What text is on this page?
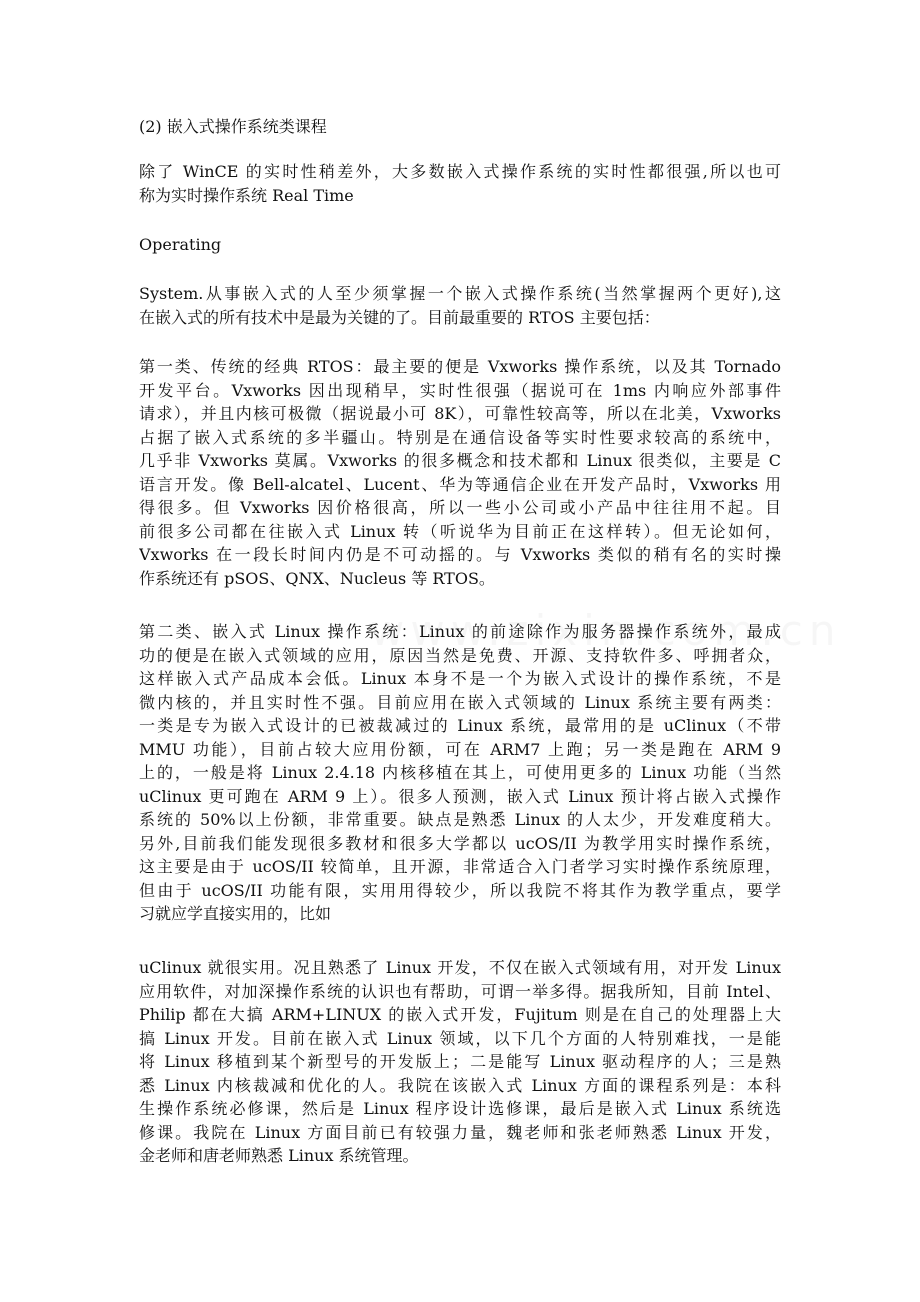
(2) 嵌入式操作系统类课程

除了 WinCE 的实时性稍差外，大多数嵌入式操作系统的实时性都很强,所以也可
称为实时操作系统 Real Time

Operating

System.从事嵌入式的人至少须掌握一个嵌入式操作系统(当然掌握两个更好),这
在嵌入式的所有技术中是最为关键的了。目前最重要的 RTOS 主要包括：

第一类、传统的经典 RTOS：最主要的便是 Vxworks 操作系统，以及其 Tornado
开发平台。Vxworks 因出现稍早，实时性很强（据说可在 1ms 内响应外部事件
请求），并且内核可极微（据说最小可 8K），可靠性较高等，所以在北美，Vxworks
占据了嵌入式系统的多半疆山。特别是在通信设备等实时性要求较高的系统中，
几乎非 Vxworks 莫属。Vxworks 的很多概念和技术都和 Linux 很类似，主要是 C
语言开发。像 Bell-alcatel、Lucent、华为等通信企业在开发产品时，Vxworks 用
得很多。但 Vxworks 因价格很高，所以一些小公司或小产品中往往用不起。目
前很多公司都在往嵌入式 Linux 转（听说华为目前正在这样转）。但无论如何，
Vxworks 在一段长时间内仍是不可动摇的。与 Vxworks 类似的稍有名的实时操
作系统还有 pSOS、QNX、Nucleus 等 RTOS。

第二类、嵌入式 Linux 操作系统：Linux 的前途除作为服务器操作系统外，最成
功的便是在嵌入式领域的应用，原因当然是免费、开源、支持软件多、呼拥者众，
这样嵌入式产品成本会低。Linux 本身不是一个为嵌入式设计的操作系统，不是
微内核的，并且实时性不强。目前应用在嵌入式领域的 Linux 系统主要有两类：
一类是专为嵌入式设计的已被裁减过的 Linux 系统，最常用的是 uClinux（不带
MMU 功能），目前占较大应用份额，可在 ARM7 上跑；另一类是跑在 ARM 9
上的，一般是将 Linux 2.4.18 内核移植在其上，可使用更多的 Linux 功能（当然
uClinux 更可跑在 ARM 9 上）。很多人预测，嵌入式 Linux 预计将占嵌入式操作
系统的 50%以上份额，非常重要。缺点是熟悉 Linux 的人太少，开发难度稍大。
另外,目前我们能发现很多教材和很多大学都以 ucOS/II 为教学用实时操作系统，
这主要是由于 ucOS/II 较简单，且开源，非常适合入门者学习实时操作系统原理，
但由于 ucOS/II 功能有限，实用用得较少，所以我院不将其作为教学重点，要学
习就应学直接实用的，比如

uClinux 就很实用。况且熟悉了 Linux 开发，不仅在嵌入式领域有用，对开发 Linux
应用软件，对加深操作系统的认识也有帮助，可谓一举多得。据我所知，目前 Intel、
Philip 都在大搞 ARM+LINUX 的嵌入式开发，Fujitum 则是在自己的处理器上大
搞 Linux 开发。目前在嵌入式 Linux 领域，以下几个方面的人特别难找，一是能
将 Linux 移植到某个新型号的开发版上；二是能写 Linux 驱动程序的人；三是熟
悉 Linux 内核裁减和优化的人。我院在该嵌入式 Linux 方面的课程系列是：本科
生操作系统必修课，然后是 Linux 程序设计选修课，最后是嵌入式 Linux 系统选
修课。我院在 Linux 方面目前已有较强力量，魏老师和张老师熟悉 Linux 开发，
金老师和唐老师熟悉 Linux 系统管理。
